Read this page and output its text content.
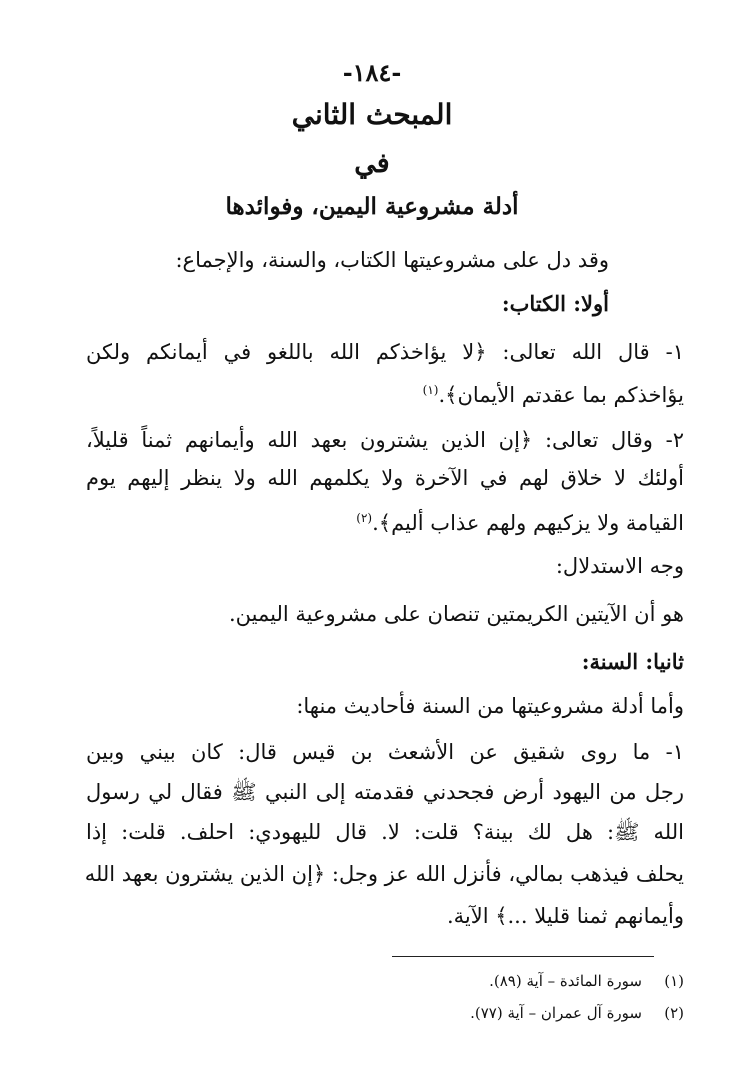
-١٨٤-
المبحث الثاني
في
أدلة مشروعية اليمين، وفوائدها
وقد دل على مشروعيتها الكتاب، والسنة، والإجماع:
أولا: الكتاب:
١- قال الله تعالى: ﴿لا يؤاخذكم الله باللغو في أيمانكم ولكن
يؤاخذكم بما عقدتم الأيمان﴾.$^{(١)}$
٢- وقال تعالى: ﴿إن الذين يشترون بعهد الله وأيمانهم ثمناً قليلاً،
أولئك لا خلاق لهم في الآخرة ولا يكلمهم الله ولا ينظر إليهم يوم
القيامة ولا يزكيهم ولهم عذاب أليم﴾.$^{(٢)}$
وجه الاستدلال:
هو أن الآيتين الكريمتين تنصان على مشروعية اليمين.
ثانيا: السنة:
وأما أدلة مشروعيتها من السنة فأحاديث منها:
١- ما روى شقيق عن الأشعث بن قيس قال: كان بيني وبين
رجل من اليهود أرض فجحدني فقدمته إلى النبي ﷺ فقال لي رسول
الله ﷺ: هل لك بينة؟ قلت: لا. قال لليهودي: احلف. قلت: إذا
يحلف فيذهب بمالي، فأنزل الله عز وجل: ﴿إن الذين يشترون بعهد الله
وأيمانهم ثمنا قليلا ...﴾ الآية.
(١)سورة المائدة – آية (٨٩).
(٢)سورة آل عمران – آية (٧٧).
